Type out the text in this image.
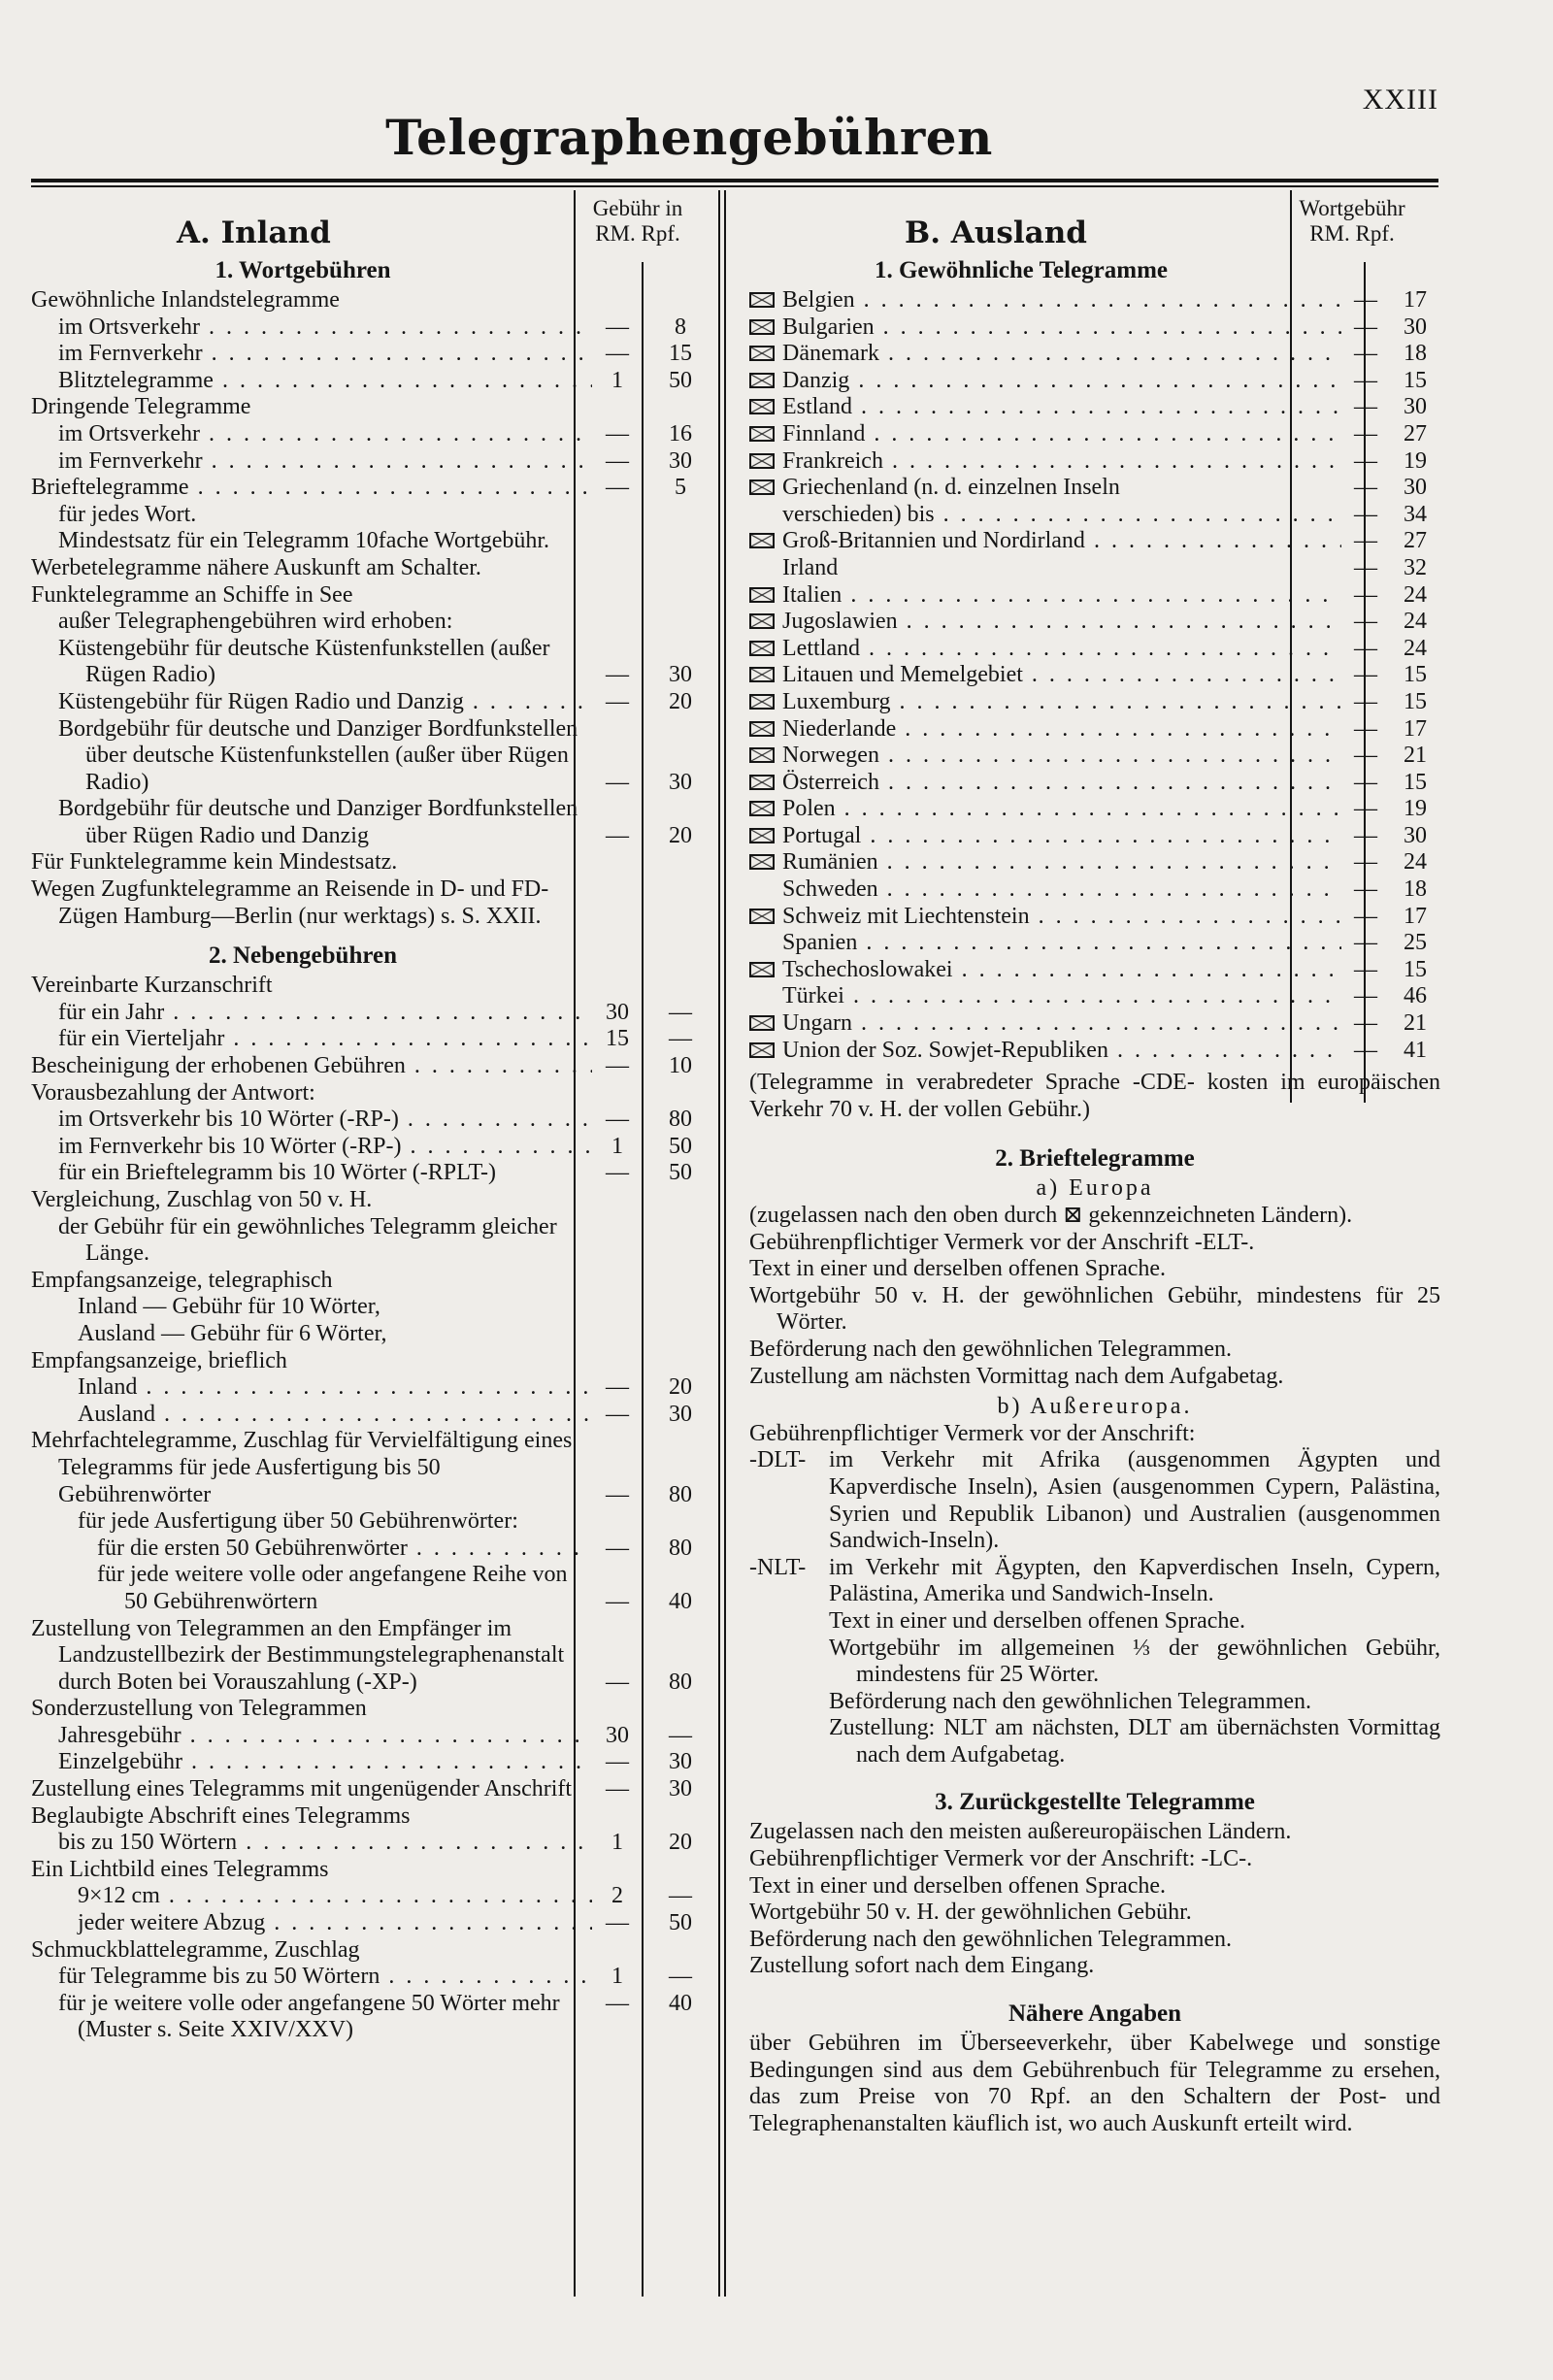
XXIII
Telegraphengebühren
A. Inland
Gebühr in
RM. Rpf.
1. Wortgebühren
Gewöhnliche Inlandstelegramme
im Ortsverkehr . . .	—	8
im Fernverkehr . . .	—	15
Blitztelegramme . . .	1	50
Dringende Telegramme
im Ortsverkehr . . .	—	16
im Fernverkehr . . .	—	30
Brieftelegramme . . .	—	5
für jedes Wort.
Mindestsatz für ein Telegramm 10fache Wortgebühr.
Werbetelegramme nähere Auskunft am Schalter.
Funktelegramme an Schiffe in See
außer Telegraphengebühren wird erhoben:
Küstengebühr für deutsche Küstenfunkstellen (außer Rügen Radio)	—	30
Küstengebühr für Rügen Radio und Danzig . . .	—	20
Bordgebühr für deutsche und Danziger Bordfunkstellen über deutsche Küstenfunkstellen (außer über Rügen Radio)	—	30
Bordgebühr für deutsche und Danziger Bordfunkstellen über Rügen Radio und Danzig	—	20
Für Funktelegramme kein Mindestsatz.
Wegen Zugfunktelegramme an Reisende in D- und FD-Zügen Hamburg—Berlin (nur werktags) s. S. XXII.
2. Nebengebühren
Vereinbarte Kurzanschrift
für ein Jahr . . .	30	—
für ein Vierteljahr . . .	15	—
Bescheinigung der erhobenen Gebühren . . .	—	10
Vorausbezahlung der Antwort:
im Ortsverkehr bis 10 Wörter (-RP-) . . .	—	80
im Fernverkehr bis 10 Wörter (-RP-) . . .	1	50
für ein Brieftelegramm bis 10 Wörter (-RPLT-)	—	50
Vergleichung, Zuschlag von 50 v. H.
der Gebühr für ein gewöhnliches Telegramm gleicher Länge.
Empfangsanzeige, telegraphisch
Inland — Gebühr für 10 Wörter,
Ausland — Gebühr für 6 Wörter,
Empfangsanzeige, brieflich
Inland . . .	—	20
Ausland . . .	—	30
Mehrfachtelegramme, Zuschlag für Vervielfältigung eines Telegramms für jede Ausfertigung bis 50 Gebührenwörter	—	80
für jede Ausfertigung über 50 Gebührenwörter:
für die ersten 50 Gebührenwörter . . .	—	80
für jede weitere volle oder angefangene Reihe von 50 Gebührenwörtern	—	40
Zustellung von Telegrammen an den Empfänger im Landzustellbezirk der Bestimmungstelegraphenanstalt durch Boten bei Vorauszahlung (-XP-)	—	80
Sonderzustellung von Telegrammen
Jahresgebühr . . .	30	—
Einzelgebühr . . .	—	30
Zustellung eines Telegramms mit ungenügender Anschrift	—	30
Beglaubigte Abschrift eines Telegramms
bis zu 150 Wörtern . . .	1	20
Ein Lichtbild eines Telegramms
9×12 cm . . .	2	—
jeder weitere Abzug . . .	—	50
Schmuckblattelegramme, Zuschlag
für Telegramme bis zu 50 Wörtern . . .	1	—
für je weitere volle oder angefangene 50 Wörter mehr	—	40
(Muster s. Seite XXIV/XXV)
B. Ausland
Wortgebühr
RM. Rpf.
1. Gewöhnliche Telegramme
Belgien . . .	—	17
Bulgarien . . .	—	30
Dänemark . . .	—	18
Danzig . . .	—	15
Estland . . .	—	30
Finnland . . .	—	27
Frankreich . . .	—	19
Griechenland (n. d. einzelnen Inseln	—	30
verschieden) bis . . .	—	34
Groß-Britannien und Nordirland . . .	—	27
Irland	—	32
Italien . . .	—	24
Jugoslawien . . .	—	24
Lettland . . .	—	24
Litauen und Memelgebiet . . .	—	15
Luxemburg . . .	—	15
Niederlande . . .	—	17
Norwegen . . .	—	21
Österreich . . .	—	15
Polen . . .	—	19
Portugal . . .	—	30
Rumänien . . .	—	24
Schweden . . .	—	18
Schweiz mit Liechtenstein . . .	—	17
Spanien . . .	—	25
Tschechoslowakei . . .	—	15
Türkei . . .	—	46
Ungarn . . .	—	21
Union der Soz. Sowjet-Republiken . . .	—	41
(Telegramme in verabredeter Sprache -CDE- kosten im europäischen Verkehr 70 v. H. der vollen Gebühr.)
2. Brieftelegramme
a) Europa
(zugelassen nach den oben durch ⊠ gekennzeichneten Ländern).
Gebührenpflichtiger Vermerk vor der Anschrift -ELT-.
Text in einer und derselben offenen Sprache.
Wortgebühr 50 v. H. der gewöhnlichen Gebühr, mindestens für 25 Wörter.
Beförderung nach den gewöhnlichen Telegrammen.
Zustellung am nächsten Vormittag nach dem Aufgabetag.
b) Außereuropa.
Gebührenpflichtiger Vermerk vor der Anschrift:
-DLT- im Verkehr mit Afrika (ausgenommen Ägypten und Kapverdische Inseln), Asien (ausgenommen Cypern, Palästina, Syrien und Republik Libanon) und Australien (ausgenommen Sandwich-Inseln).
-NLT- im Verkehr mit Ägypten, den Kapverdischen Inseln, Cypern, Palästina, Amerika und Sandwich-Inseln.
Text in einer und derselben offenen Sprache.
Wortgebühr im allgemeinen ⅓ der gewöhnlichen Gebühr, mindestens für 25 Wörter.
Beförderung nach den gewöhnlichen Telegrammen.
Zustellung: NLT am nächsten, DLT am übernächsten Vormittag nach dem Aufgabetag.
3. Zurückgestellte Telegramme
Zugelassen nach den meisten außereuropäischen Ländern.
Gebührenpflichtiger Vermerk vor der Anschrift: -LC-.
Text in einer und derselben offenen Sprache.
Wortgebühr 50 v. H. der gewöhnlichen Gebühr.
Beförderung nach den gewöhnlichen Telegrammen.
Zustellung sofort nach dem Eingang.
Nähere Angaben
über Gebühren im Überseeverkehr, über Kabelwege und sonstige Bedingungen sind aus dem Gebührenbuch für Telegramme zu ersehen, das zum Preise von 70 Rpf. an den Schaltern der Post- und Telegraphenanstalten käuflich ist, wo auch Auskunft erteilt wird.
